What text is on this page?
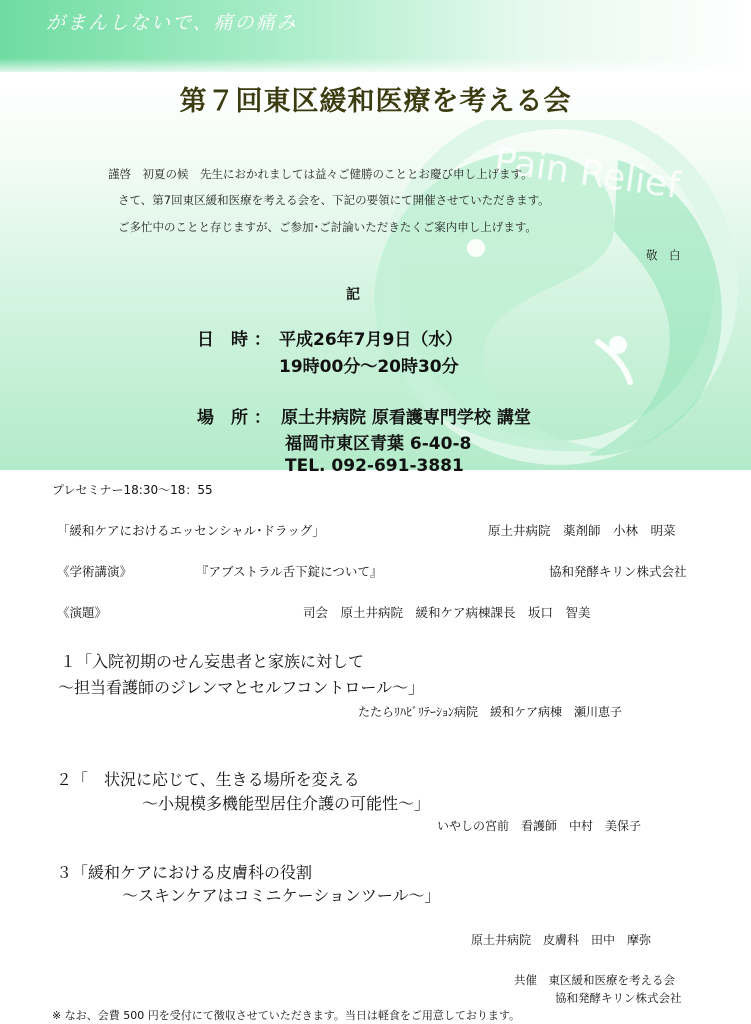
Pain Relief
がまんしないで、痛の痛み
第７回東区緩和医療を考える会
謹啓　初夏の候　先生におかれましては益々ご健勝のこととお慶び申し上げます。
さて、第7回東区緩和医療を考える会を、下記の要領にて開催させていただきます。
ご多忙中のことと存じますが、ご参加･ご討論いただきたくご案内申し上げます。
敬　白
記
日　時 ： 平成26年7月9日（水）
19時00分～20時30分
場　所 ： 原土井病院 原看護専門学校 講堂
福岡市東区青葉 6-40-8
TEL. 092-691-3881
プレセミナー18:30～18：55
「緩和ケアにおけるエッセンシャル･ドラッグ」	原土井病院　薬剤師　小林　明菜
《学術講演》	『アブストラル舌下錠について』	協和発酵キリン株式会社
《演題》	司会　原土井病院　緩和ケア病棟課長　坂口　智美
１「入院初期のせん妄患者と家族に対して
～担当看護師のジレンマとセルフコントロール～」
たたらﾘﾊﾋﾞﾘﾃｰｼｮﾝ病院　緩和ケア病棟　瀬川恵子
２「　状況に応じて、生きる場所を変える
～小規模多機能型居住介護の可能性～」
いやしの宮前　看護師　中村　美保子
３「緩和ケアにおける皮膚科の役割
～スキンケアはコミニケーションツール～」
原土井病院　皮膚科　田中　摩弥
共催　東区緩和医療を考える会
協和発酵キリン株式会社
※ なお、会費 500 円を受付にて徴収させていただきます。当日は軽食をご用意しております。
